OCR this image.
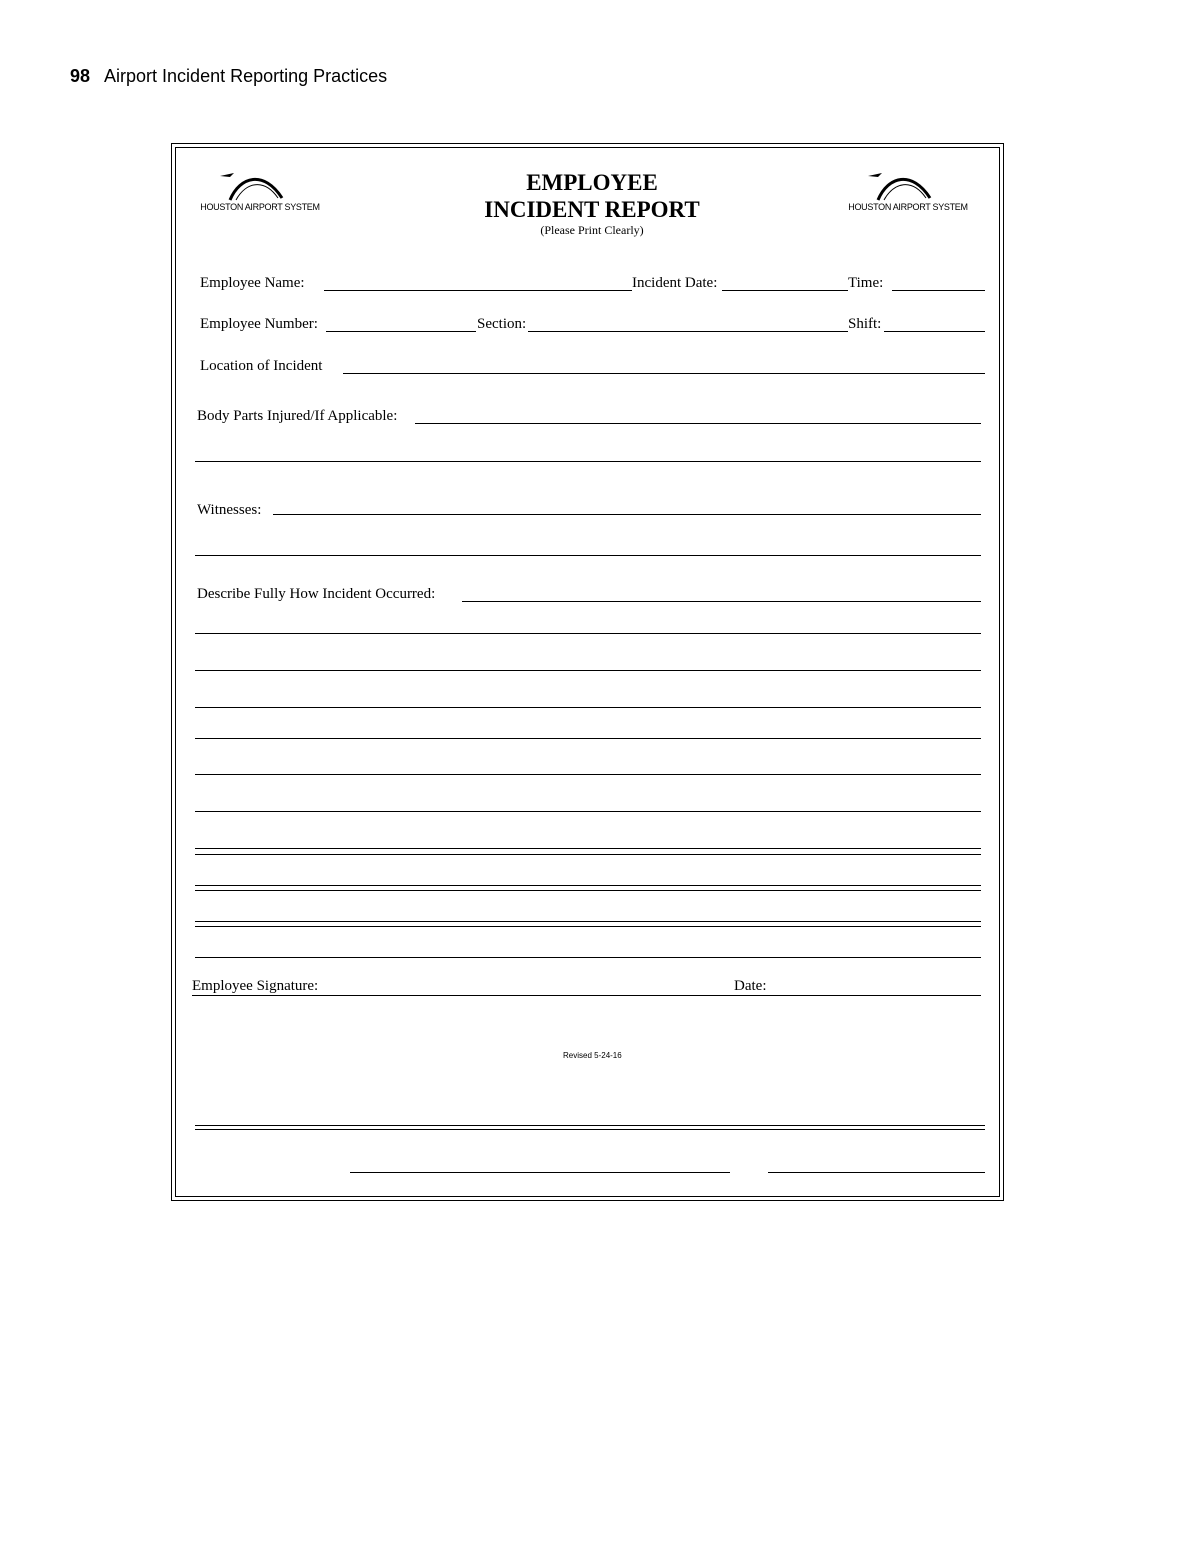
98 Airport Incident Reporting Practices
HOUSTON AIRPORT SYSTEM	HOUSTON AIRPORT SYSTEM
EMPLOYEE
INCIDENT REPORT
(Please Print Clearly)
Employee Name:	Incident Date:	Time:
Employee Number:	Section:	Shift:
Location of Incident
Body Parts Injured/If Applicable:
Witnesses:
Describe Fully How Incident Occurred:
Employee Signature:	Date:
Revised 5-24-16
